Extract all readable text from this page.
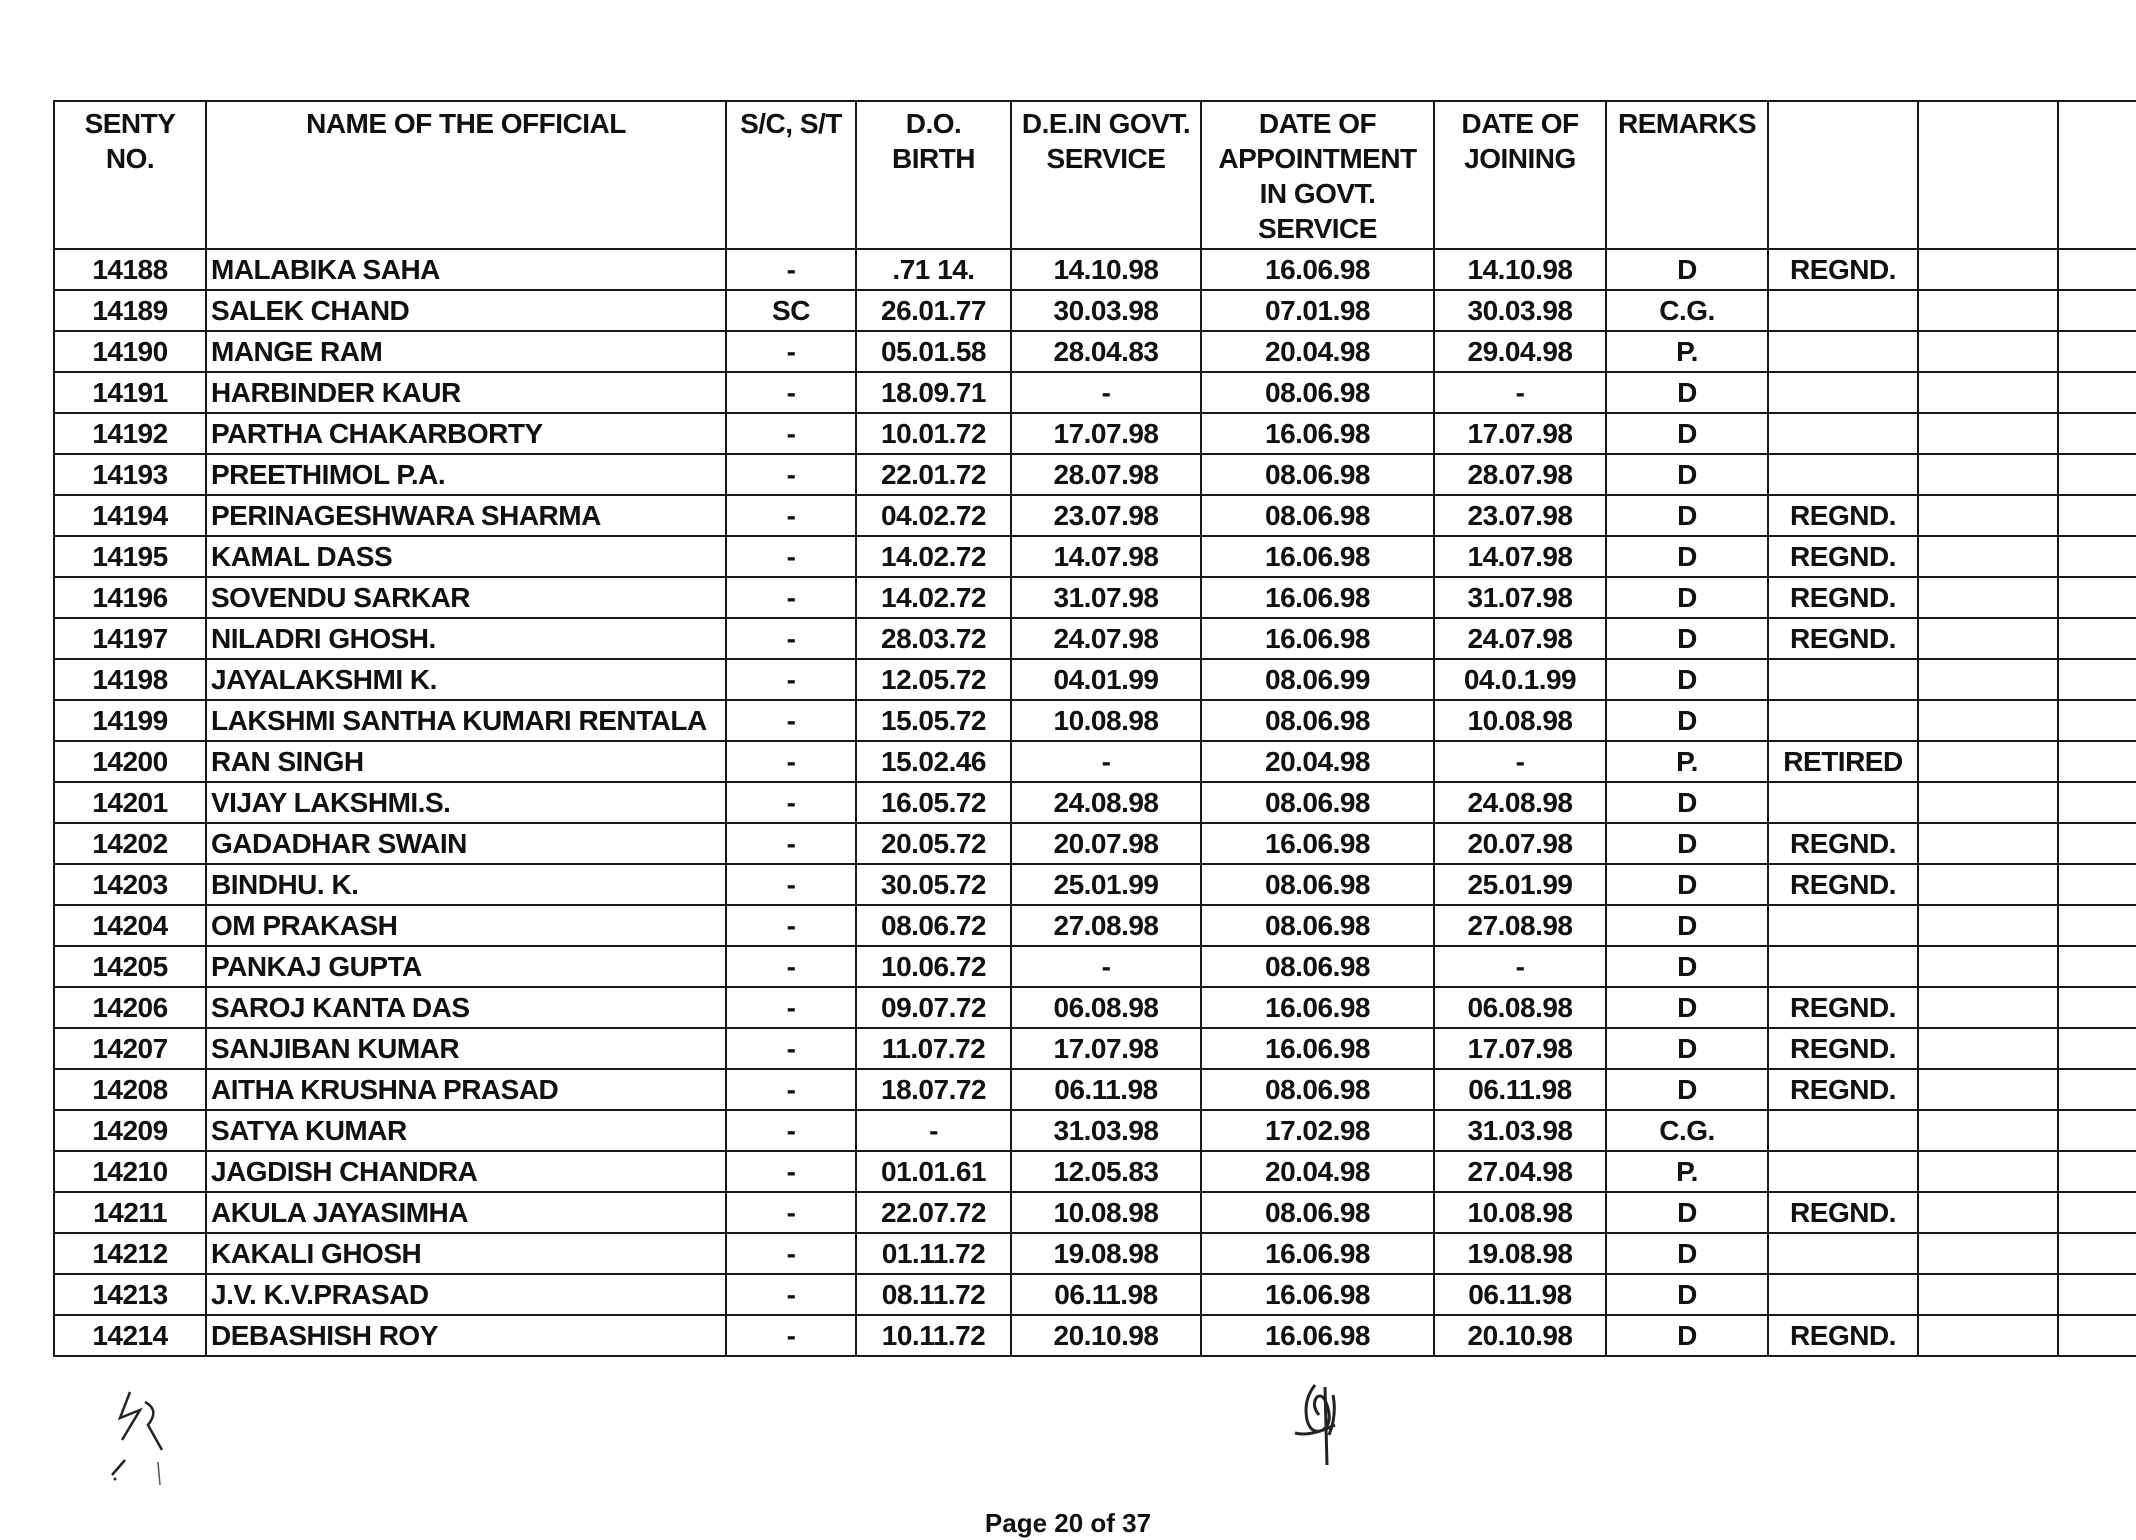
SENTY NO.	NAME OF THE OFFICIAL	S/C, S/T	D.O. BIRTH	D.E.IN GOVT. SERVICE	DATE OF APPOINTMENT IN GOVT. SERVICE	DATE OF JOINING	REMARKS			
14188	MALABIKA SAHA	-	.71 14.	14.10.98	16.06.98	14.10.98	D	REGND.		
14189	SALEK CHAND	SC	26.01.77	30.03.98	07.01.98	30.03.98	C.G.			
14190	MANGE RAM	-	05.01.58	28.04.83	20.04.98	29.04.98	P.			
14191	HARBINDER KAUR	-	18.09.71	-	08.06.98	-	D			
14192	PARTHA CHAKARBORTY	-	10.01.72	17.07.98	16.06.98	17.07.98	D			
14193	PREETHIMOL P.A.	-	22.01.72	28.07.98	08.06.98	28.07.98	D			
14194	PERINAGESHWARA SHARMA	-	04.02.72	23.07.98	08.06.98	23.07.98	D	REGND.		
14195	KAMAL DASS	-	14.02.72	14.07.98	16.06.98	14.07.98	D	REGND.		
14196	SOVENDU SARKAR	-	14.02.72	31.07.98	16.06.98	31.07.98	D	REGND.		
14197	NILADRI GHOSH.	-	28.03.72	24.07.98	16.06.98	24.07.98	D	REGND.		
14198	JAYALAKSHMI K.	-	12.05.72	04.01.99	08.06.99	04.0.1.99	D			
14199	LAKSHMI SANTHA KUMARI RENTALA	-	15.05.72	10.08.98	08.06.98	10.08.98	D			
14200	RAN SINGH	-	15.02.46	-	20.04.98	-	P.	RETIRED		
14201	VIJAY LAKSHMI.S.	-	16.05.72	24.08.98	08.06.98	24.08.98	D			
14202	GADADHAR SWAIN	-	20.05.72	20.07.98	16.06.98	20.07.98	D	REGND.		
14203	BINDHU. K.	-	30.05.72	25.01.99	08.06.98	25.01.99	D	REGND.		
14204	OM PRAKASH	-	08.06.72	27.08.98	08.06.98	27.08.98	D			
14205	PANKAJ GUPTA	-	10.06.72	-	08.06.98	-	D			
14206	SAROJ KANTA DAS	-	09.07.72	06.08.98	16.06.98	06.08.98	D	REGND.		
14207	SANJIBAN KUMAR	-	11.07.72	17.07.98	16.06.98	17.07.98	D	REGND.		
14208	AITHA KRUSHNA PRASAD	-	18.07.72	06.11.98	08.06.98	06.11.98	D	REGND.		
14209	SATYA KUMAR	-	-	31.03.98	17.02.98	31.03.98	C.G.			
14210	JAGDISH CHANDRA	-	01.01.61	12.05.83	20.04.98	27.04.98	P.			
14211	AKULA JAYASIMHA	-	22.07.72	10.08.98	08.06.98	10.08.98	D	REGND.		
14212	KAKALI GHOSH	-	01.11.72	19.08.98	16.06.98	19.08.98	D			
14213	J.V. K.V.PRASAD	-	08.11.72	06.11.98	16.06.98	06.11.98	D			
14214	DEBASHISH ROY	-	10.11.72	20.10.98	16.06.98	20.10.98	D	REGND.		
Page 20 of 37
